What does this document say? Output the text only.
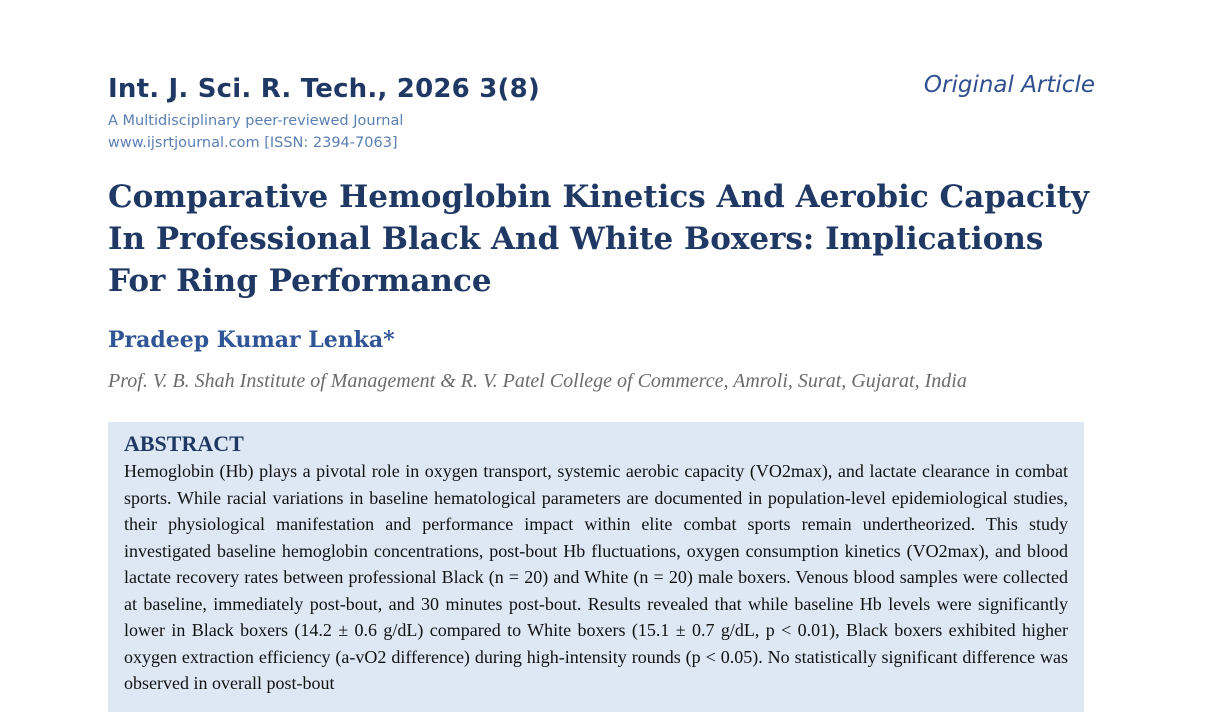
Int. J. Sci. R. Tech., 2026 3(8)	Original Article
A Multidisciplinary peer-reviewed Journal
www.ijsrtjournal.com [ISSN: 2394-7063]
Comparative Hemoglobin Kinetics And Aerobic Capacity In Professional Black And White Boxers: Implications For Ring Performance
Pradeep Kumar Lenka*
Prof. V. B. Shah Institute of Management & R. V. Patel College of Commerce, Amroli, Surat, Gujarat, India
ABSTRACT

Hemoglobin (Hb) plays a pivotal role in oxygen transport, systemic aerobic capacity (VO2max), and lactate clearance in combat sports. While racial variations in baseline hematological parameters are documented in population-level epidemiological studies, their physiological manifestation and performance impact within elite combat sports remain undertheorized. This study investigated baseline hemoglobin concentrations, post-bout Hb fluctuations, oxygen consumption kinetics (VO2max), and blood lactate recovery rates between professional Black (n = 20) and White (n = 20) male boxers. Venous blood samples were collected at baseline, immediately post-bout, and 30 minutes post-bout. Results revealed that while baseline Hb levels were significantly lower in Black boxers (14.2 ± 0.6 g/dL) compared to White boxers (15.1 ± 0.7 g/dL, p < 0.01), Black boxers exhibited higher oxygen extraction efficiency (a-vO2 difference) during high-intensity rounds (p < 0.05). No statistically significant difference was observed in overall post-bout
